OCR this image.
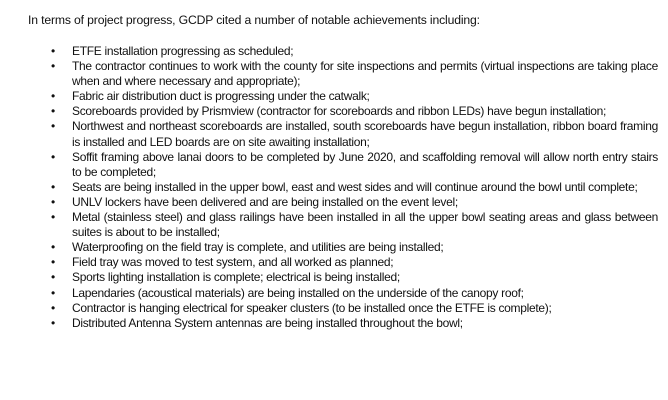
In terms of project progress, GCDP cited a number of notable achievements including:
•	ETFE installation progressing as scheduled;
•	The contractor continues to work with the county for site inspections and permits (virtual inspections are taking place when and where necessary and appropriate);
•	Fabric air distribution duct is progressing under the catwalk;
•	Scoreboards provided by Prismview (contractor for scoreboards and ribbon LEDs) have begun installation;
•	Northwest and northeast scoreboards are installed, south scoreboards have begun installation, ribbon board framing is installed and LED boards are on site awaiting installation;
•	Soffit framing above lanai doors to be completed by June 2020, and scaffolding removal will allow north entry stairs to be completed;
•	Seats are being installed in the upper bowl, east and west sides and will continue around the bowl until complete;
•	UNLV lockers have been delivered and are being installed on the event level;
•	Metal (stainless steel) and glass railings have been installed in all the upper bowl seating areas and glass between suites is about to be installed;
•	Waterproofing on the field tray is complete, and utilities are being installed;
•	Field tray was moved to test system, and all worked as planned;
•	Sports lighting installation is complete; electrical is being installed;
•	Lapendaries (acoustical materials) are being installed on the underside of the canopy roof;
•	Contractor is hanging electrical for speaker clusters (to be installed once the ETFE is complete);
•	Distributed Antenna System antennas are being installed throughout the bowl;
